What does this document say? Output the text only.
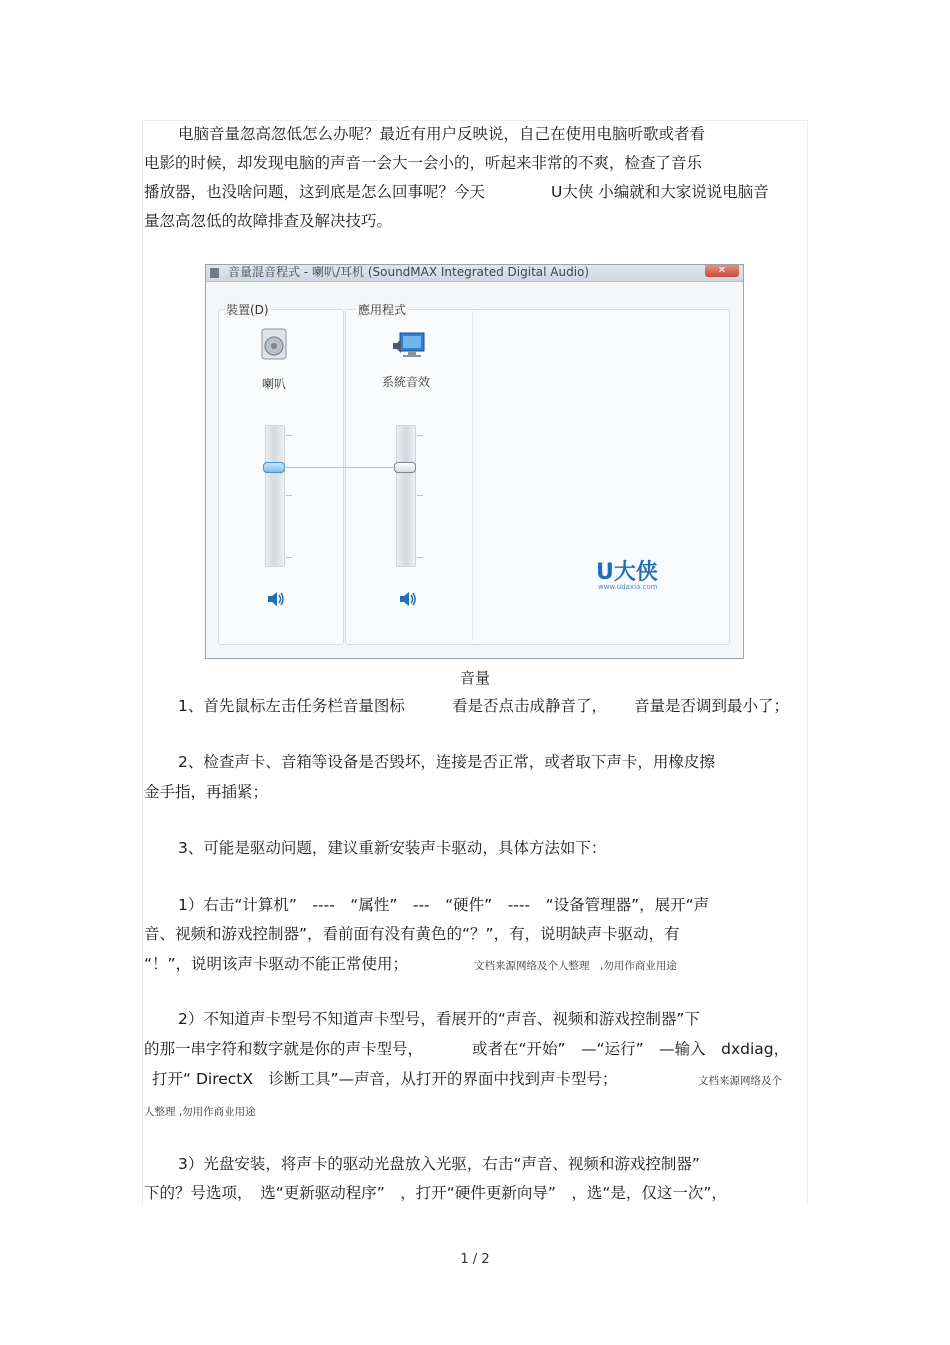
电脑音量忽高忽低怎么办呢？最近有用户反映说，自己在使用电脑听歌或者看
电影的时候，却发现电脑的声音一会大一会小的，听起来非常的不爽，检查了音乐
播放器，也没啥问题，这到底是怎么回事呢？今天	U大侠 小编就和大家说说电脑音
量忽高忽低的故障排查及解决技巧。
音量混音程式 - 喇叭/耳机 (SoundMAX Integrated Digital Audio)	✕
裝置(D)
喇叭
應用程式
系統音效
U大侠
www.udaxia.com
音量
1、首先鼠标左击任务栏音量图标	看是否点击成静音了， 音量是否调到最小了；
2、检查声卡、音箱等设备是否毁坏，连接是否正常，或者取下声卡，用橡皮擦
金手指，再插紧；
3、可能是驱动问题，建议重新安装声卡驱动，具体方法如下：
1）右击“计算机”　----　“属性”　---　“硬件”　----　“设备管理器”，展开“声
音、视频和游戏控制器”，看前面有没有黄色的“？”，有，说明缺声卡驱动，有
“！”，说明该声卡驱动不能正常使用；	文档来源网络及个人整理　,勿用作商业用途
2）不知道声卡型号不知道声卡型号，看展开的“声音、视频和游戏控制器”下
的那一串字符和数字就是你的声卡型号，	或者在“开始”　—“运行”　—输入　dxdiag，
打开“ DirectX　诊断工具”—声音，从打开的界面中找到声卡型号；	文档来源网络及个
人整理 ,勿用作商业用途
3）光盘安装，将声卡的驱动光盘放入光驱，右击“声音、视频和游戏控制器”
下的？号选项，　选“更新驱动程序”　，打开“硬件更新向导”　，选“是，仅这一次”，
1 / 2
